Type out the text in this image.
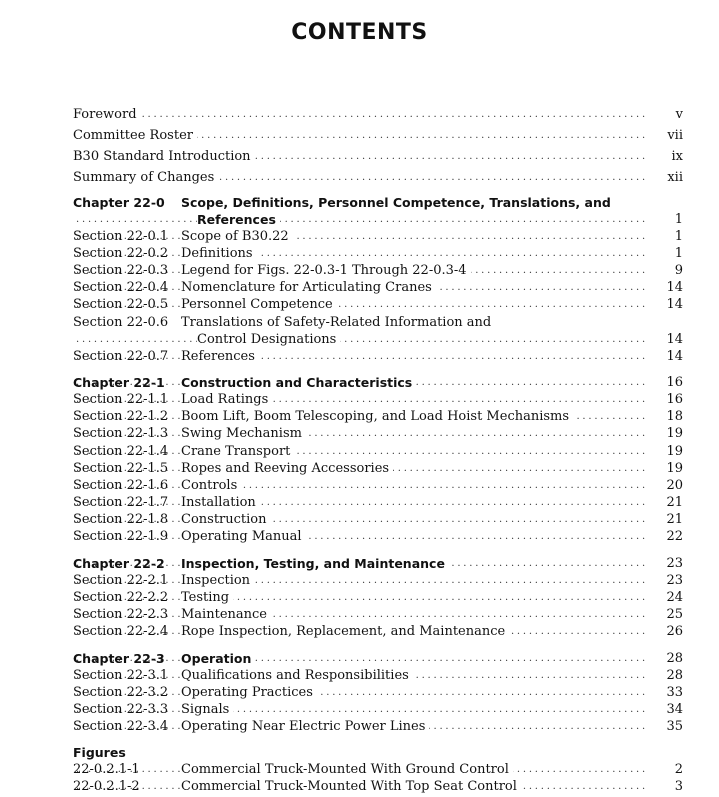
CONTENTS
. . .
Foreword	v
. . .
Committee Roster	vii
. . .
B30 Standard Introduction	ix
. . .
Summary of Changes	xii
Chapter 22-0 Scope, Definitions, Personnel Competence, Translations, and
. . .
References	1
. . .
Section 22-0.1 Scope of B30.22	1
. . .
Section 22-0.2 Definitions	1
. . .
Section 22-0.3 Legend for Figs. 22-0.3-1 Through 22-0.3-4	9
. . .
Section 22-0.4 Nomenclature for Articulating Cranes	14
. . .
Section 22-0.5 Personnel Competence	14
Section 22-0.6 Translations of Safety-Related Information and
. . .
Control Designations	14
. . .
Section 22-0.7 References	14
. . .
Chapter 22-1 Construction and Characteristics	16
. . .
Section 22-1.1 Load Ratings	16
. . .
Section 22-1.2 Boom Lift, Boom Telescoping, and Load Hoist Mechanisms	18
. . .
Section 22-1.3 Swing Mechanism	19
. . .
Section 22-1.4 Crane Transport	19
. . .
Section 22-1.5 Ropes and Reeving Accessories	19
. . .
Section 22-1.6 Controls	20
. . .
Section 22-1.7 Installation	21
. . .
Section 22-1.8 Construction	21
. . .
Section 22-1.9 Operating Manual	22
. . .
Chapter 22-2 Inspection, Testing, and Maintenance	23
. . .
Section 22-2.1 Inspection	23
. . .
Section 22-2.2 Testing	24
. . .
Section 22-2.3 Maintenance	25
. . .
Section 22-2.4 Rope Inspection, Replacement, and Maintenance	26
. . .
Chapter 22-3 Operation	28
. . .
Section 22-3.1 Qualifications and Responsibilities	28
. . .
Section 22-3.2 Operating Practices	33
. . .
Section 22-3.3 Signals	34
. . .
Section 22-3.4 Operating Near Electric Power Lines	35
Figures
. . .
22-0.2.1-1	Commercial Truck-Mounted With Ground Control	2
. . .
22-0.2.1-2	Commercial Truck-Mounted With Top Seat Control	3
